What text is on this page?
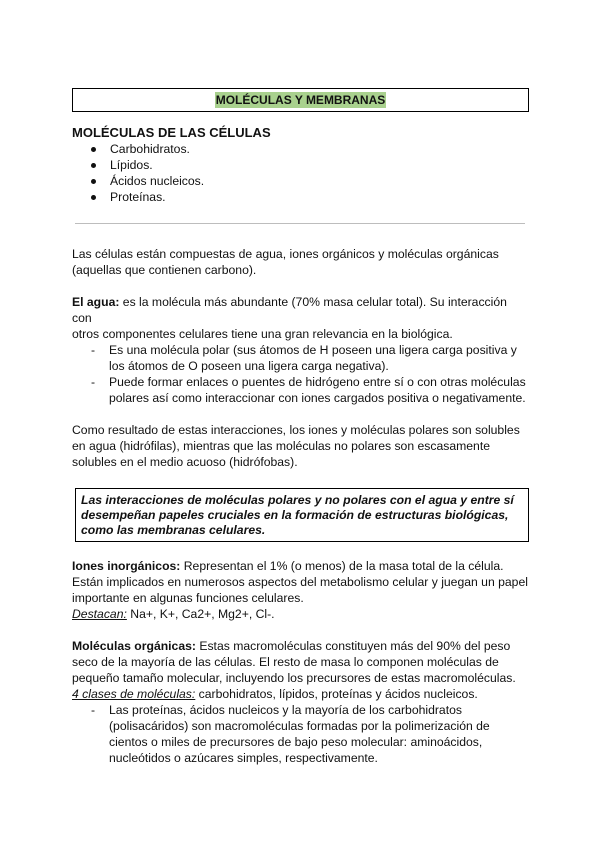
MOLÉCULAS Y MEMBRANAS
MOLÉCULAS DE LAS CÉLULAS
Carbohidratos.
Lípidos.
Ácidos nucleicos.
Proteínas.

Las células están compuestas de agua, iones orgánicos y moléculas orgánicas

(aquellas que contienen carbono).

El agua: es la molécula más abundante (70% masa celular total). Su interacción con

otros componentes celulares tiene una gran relevancia en la biológica.

- Es una molécula polar (sus átomos de H poseen una ligera carga positiva y
los átomos de O poseen una ligera carga negativa).
- Puede formar enlaces o puentes de hidrógeno entre sí o con otras moléculas
polares así como interaccionar con iones cargados positiva o negativamente.

Como resultado de estas interacciones, los iones y moléculas polares son solubles

en agua (hidrófilas), mientras que las moléculas no polares son escasamente

solubles en el medio acuoso (hidrófobas).

Las interacciones de moléculas polares y no polares con el agua y entre sí
desempeñan papeles cruciales en la formación de estructuras biológicas,
como las membranas celulares.

Iones inorgánicos: Representan el 1% (o menos) de la masa total de la célula.

Están implicados en numerosos aspectos del metabolismo celular y juegan un papel

importante en algunas funciones celulares.

Destacan: Na+, K+, Ca2+, Mg2+, Cl-.

Moléculas orgánicas: Estas macromoléculas constituyen más del 90% del peso

seco de la mayoría de las células. El resto de masa lo componen moléculas de

pequeño tamaño molecular, incluyendo los precursores de estas macromoléculas.

4 clases de moléculas: carbohidratos, lípidos, proteínas y ácidos nucleicos.

- Las proteínas, ácidos nucleicos y la mayoría de los carbohidratos
(polisacáridos) son macromoléculas formadas por la polimerización de
cientos o miles de precursores de bajo peso molecular: aminoácidos,
nucleótidos o azúcares simples, respectivamente.
